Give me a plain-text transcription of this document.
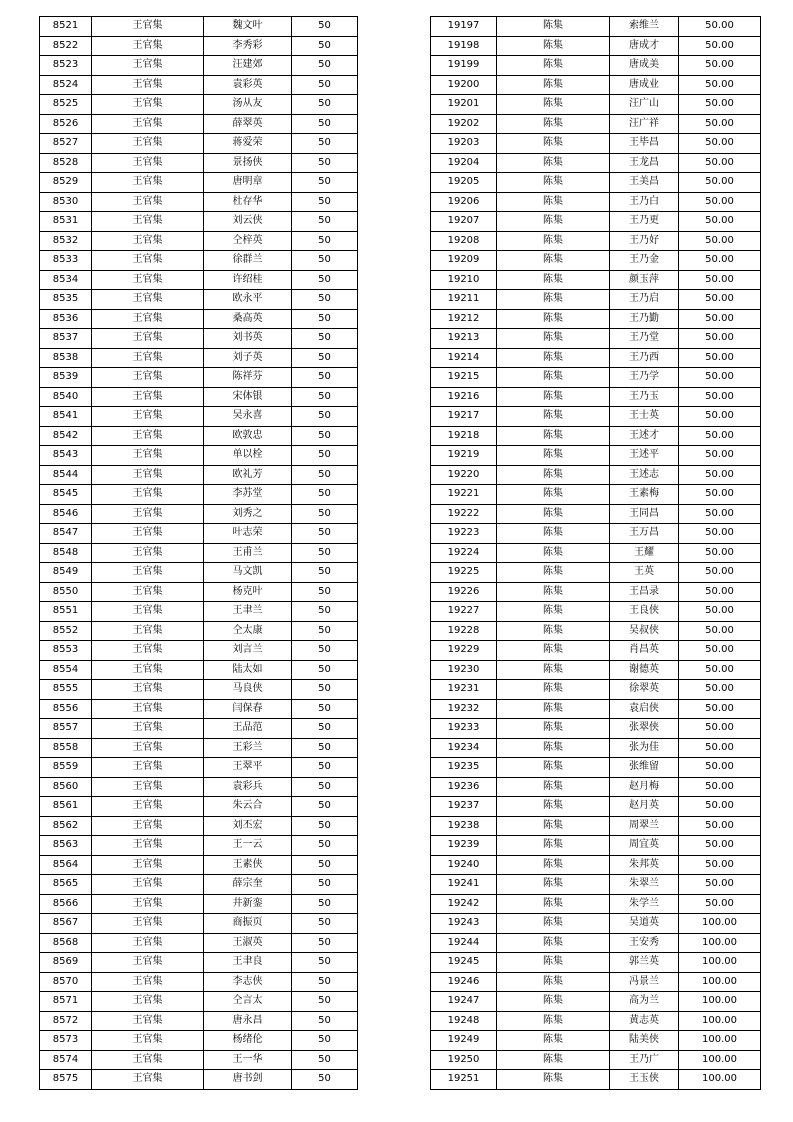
8521	王官集	魏文叶	50
8522	王官集	李秀彩	50
8523	王官集	汪建郊	50
8524	王官集	袁彩英	50
8525	王官集	汤从友	50
8526	王官集	薛翠英	50
8527	王官集	蒋爱荣	50
8528	王官集	景扬侠	50
8529	王官集	唐明章	50
8530	王官集	杜存华	50
8531	王官集	刘云侠	50
8532	王官集	仝梓英	50
8533	王官集	徐群兰	50
8534	王官集	许绍桂	50
8535	王官集	欧永平	50
8536	王官集	桑高英	50
8537	王官集	刘书英	50
8538	王官集	刘子英	50
8539	王官集	陈祥芬	50
8540	王官集	宋体银	50
8541	王官集	吴永喜	50
8542	王官集	欧敦忠	50
8543	王官集	单以栓	50
8544	王官集	欧礼芳	50
8545	王官集	李苏堂	50
8546	王官集	刘秀之	50
8547	王官集	叶志荣	50
8548	王官集	王甫兰	50
8549	王官集	马文凯	50
8550	王官集	杨克叶	50
8551	王官集	王聿兰	50
8552	王官集	仝太康	50
8553	王官集	刘言兰	50
8554	王官集	陆太如	50
8555	王官集	马良侠	50
8556	王官集	闫保春	50
8557	王官集	王品范	50
8558	王官集	王彩兰	50
8559	王官集	王翠平	50
8560	王官集	袁彩兵	50
8561	王官集	朱云合	50
8562	王官集	刘丕宏	50
8563	王官集	王一云	50
8564	王官集	王素侠	50
8565	王官集	薛宗奎	50
8566	王官集	井新銮	50
8567	王官集	商振页	50
8568	王官集	王淑英	50
8569	王官集	王聿良	50
8570	王官集	李志侠	50
8571	王官集	仝言太	50
8572	王官集	唐永昌	50
8573	王官集	杨绪伦	50
8574	王官集	王一华	50
8575	王官集	唐书剑	50
19197	陈集	索维兰	50.00
19198	陈集	唐成才	50.00
19199	陈集	唐成美	50.00
19200	陈集	唐成业	50.00
19201	陈集	汪广山	50.00
19202	陈集	汪广祥	50.00
19203	陈集	王毕昌	50.00
19204	陈集	王龙昌	50.00
19205	陈集	王美昌	50.00
19206	陈集	王乃白	50.00
19207	陈集	王乃更	50.00
19208	陈集	王乃好	50.00
19209	陈集	王乃金	50.00
19210	陈集	颜玉萍	50.00
19211	陈集	王乃启	50.00
19212	陈集	王乃勤	50.00
19213	陈集	王乃堂	50.00
19214	陈集	王乃西	50.00
19215	陈集	王乃学	50.00
19216	陈集	王乃玉	50.00
19217	陈集	王士英	50.00
19218	陈集	王述才	50.00
19219	陈集	王述平	50.00
19220	陈集	王述志	50.00
19221	陈集	王素梅	50.00
19222	陈集	王同昌	50.00
19223	陈集	王万昌	50.00
19224	陈集	王耀	50.00
19225	陈集	王英	50.00
19226	陈集	王昌录	50.00
19227	陈集	王良侠	50.00
19228	陈集	吴叔侠	50.00
19229	陈集	肖昌英	50.00
19230	陈集	谢德英	50.00
19231	陈集	徐翠英	50.00
19232	陈集	袁启侠	50.00
19233	陈集	张翠侠	50.00
19234	陈集	张为佳	50.00
19235	陈集	张维留	50.00
19236	陈集	赵月梅	50.00
19237	陈集	赵月英	50.00
19238	陈集	周翠兰	50.00
19239	陈集	周宜英	50.00
19240	陈集	朱邦英	50.00
19241	陈集	朱翠兰	50.00
19242	陈集	朱学兰	50.00
19243	陈集	吴道英	100.00
19244	陈集	王安秀	100.00
19245	陈集	郭兰英	100.00
19246	陈集	冯景兰	100.00
19247	陈集	高为兰	100.00
19248	陈集	黄志英	100.00
19249	陈集	陆美侠	100.00
19250	陈集	王乃广	100.00
19251	陈集	王玉侠	100.00
